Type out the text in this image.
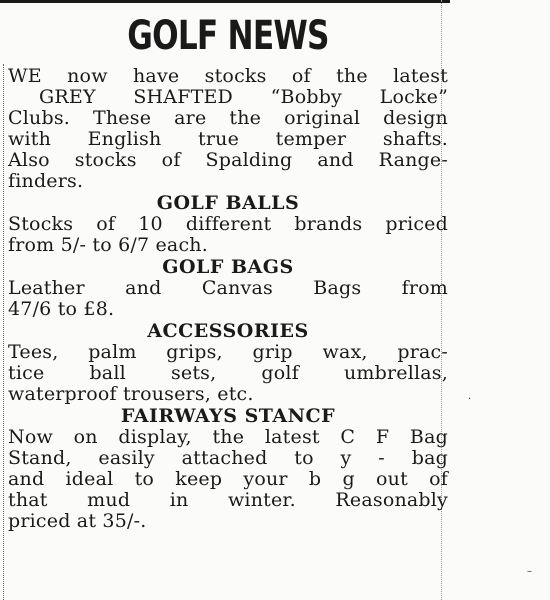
GOLF NEWS

WE now have stocks of the latest
GREY SHAFTED “Bobby Locke”
Clubs. These are the original design
with English true temper shafts.
Also stocks of Spalding and Range-
finders.

GOLF BALLS

Stocks of 10 different brands priced
from 5/- to 6/7 each.

GOLF BAGS

Leather and Canvas Bags from
47/6 to £8.

ACCESSORIES

Tees, palm grips, grip wax, prac-
tice ball sets, golf umbrellas,
waterproof trousers, etc.

FAIRWAYS STANCF

Now on display, the latest C F Bag
Stand, easily attached to y ‐ bag
and ideal to keep your b g out of
that mud in winter. Reasonably
priced at 35/-.

·
–
